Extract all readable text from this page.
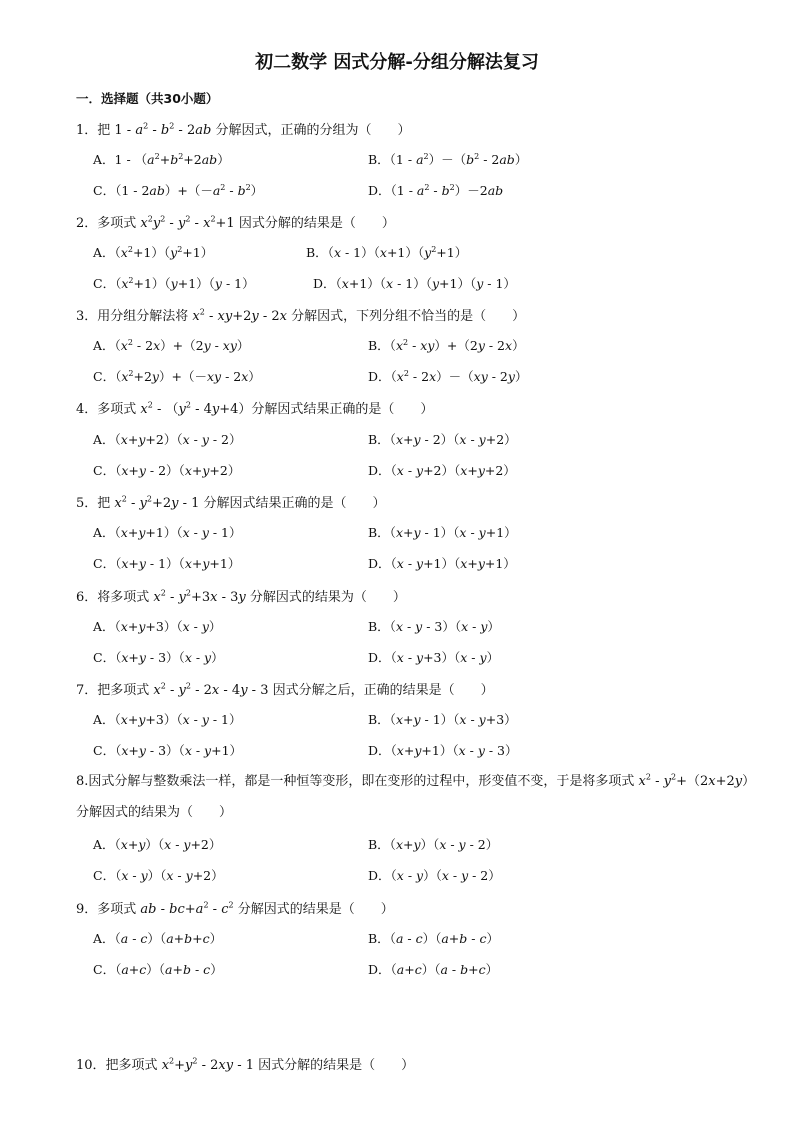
初二数学 因式分解-分组分解法复习
一．选择题（共30小题）
1．把 $1 - a^2 - b^2 - 2ab$ 分解因式，正确的分组为（　　）
A．$1 - (a^2+b^2+2ab)$	B．$(1 - a^2)-(b^2 - 2ab)$
C．$(1 - 2ab)+(-a^2 - b^2)$	D．$(1 - a^2 - b^2)-2ab$
2．多项式 $x^2y^2 - y^2 - x^2+1$ 因式分解的结果是（　　）
A．$(x^2+1)(y^2+1)$	B．$(x - 1)(x+1)(y^2+1)$
C．$(x^2+1)(y+1)(y - 1)$	D．（x+1）（x - 1）（y+1）（y - 1）
3．用分组分解法将 $x^2 - xy+2y - 2x$ 分解因式，下列分组不恰当的是（　　）
A．$(x^2 - 2x)+(2y - xy)$	B．$(x^2 - xy)+(2y - 2x)$
C．$(x^2+2y)+(-xy - 2x)$	D．$(x^2 - 2x)-(xy - 2y)$
4．多项式 $x^2 - (y^2 - 4y+4)$分解因式结果正确的是（　　）
A．（x+y+2）（x - y - 2）	B．（x+y - 2）（x - y+2）
C．（x+y - 2）（x+y+2）	D．（x - y+2）（x+y+2）
5．把 $x^2 - y^2+2y - 1$ 分解因式结果正确的是（　　）
A．（x+y+1）（x - y - 1）	B．（x+y - 1）（x - y+1）
C．（x+y - 1）（x+y+1）	D．（x - y+1）（x+y+1）
6．将多项式 $x^2 - y^2+3x - 3y$ 分解因式的结果为（　　）
A．（x+y+3）（x - y）	B．（x - y - 3）（x - y）
C．（x+y - 3）（x - y）	D．（x - y+3）（x - y）
7．把多项式 $x^2 - y^2 - 2x - 4y - 3$ 因式分解之后，正确的结果是（　　）
A．（x+y+3）（x - y - 1）	B．（x+y - 1）（x - y+3）
C．（x+y - 3）（x - y+1）	D．（x+y+1）（x - y - 3）
8.因式分解与整数乘法一样，都是一种恒等变形，即在变形的过程中，形变值不变，于是将多项式 $x^2 - y^2+(2x+2y)$分解因式的结果为（　　）
A．（x+y）（x - y+2）	B．（x+y）（x - y - 2）
C．（x - y）（x - y+2）	D．（x - y）（x - y - 2）
9．多项式 ab - $bc+a^2 - c^2$ 分解因式的结果是（　　）
A．（a - c）（a+b+c）	B．（a - c）（a+b - c）
C．（a+c）（a+b - c）	D．（a+c）（a - b+c）
10．把多项式 $x^2+y^2 - 2xy - 1$ 因式分解的结果是（　　）
